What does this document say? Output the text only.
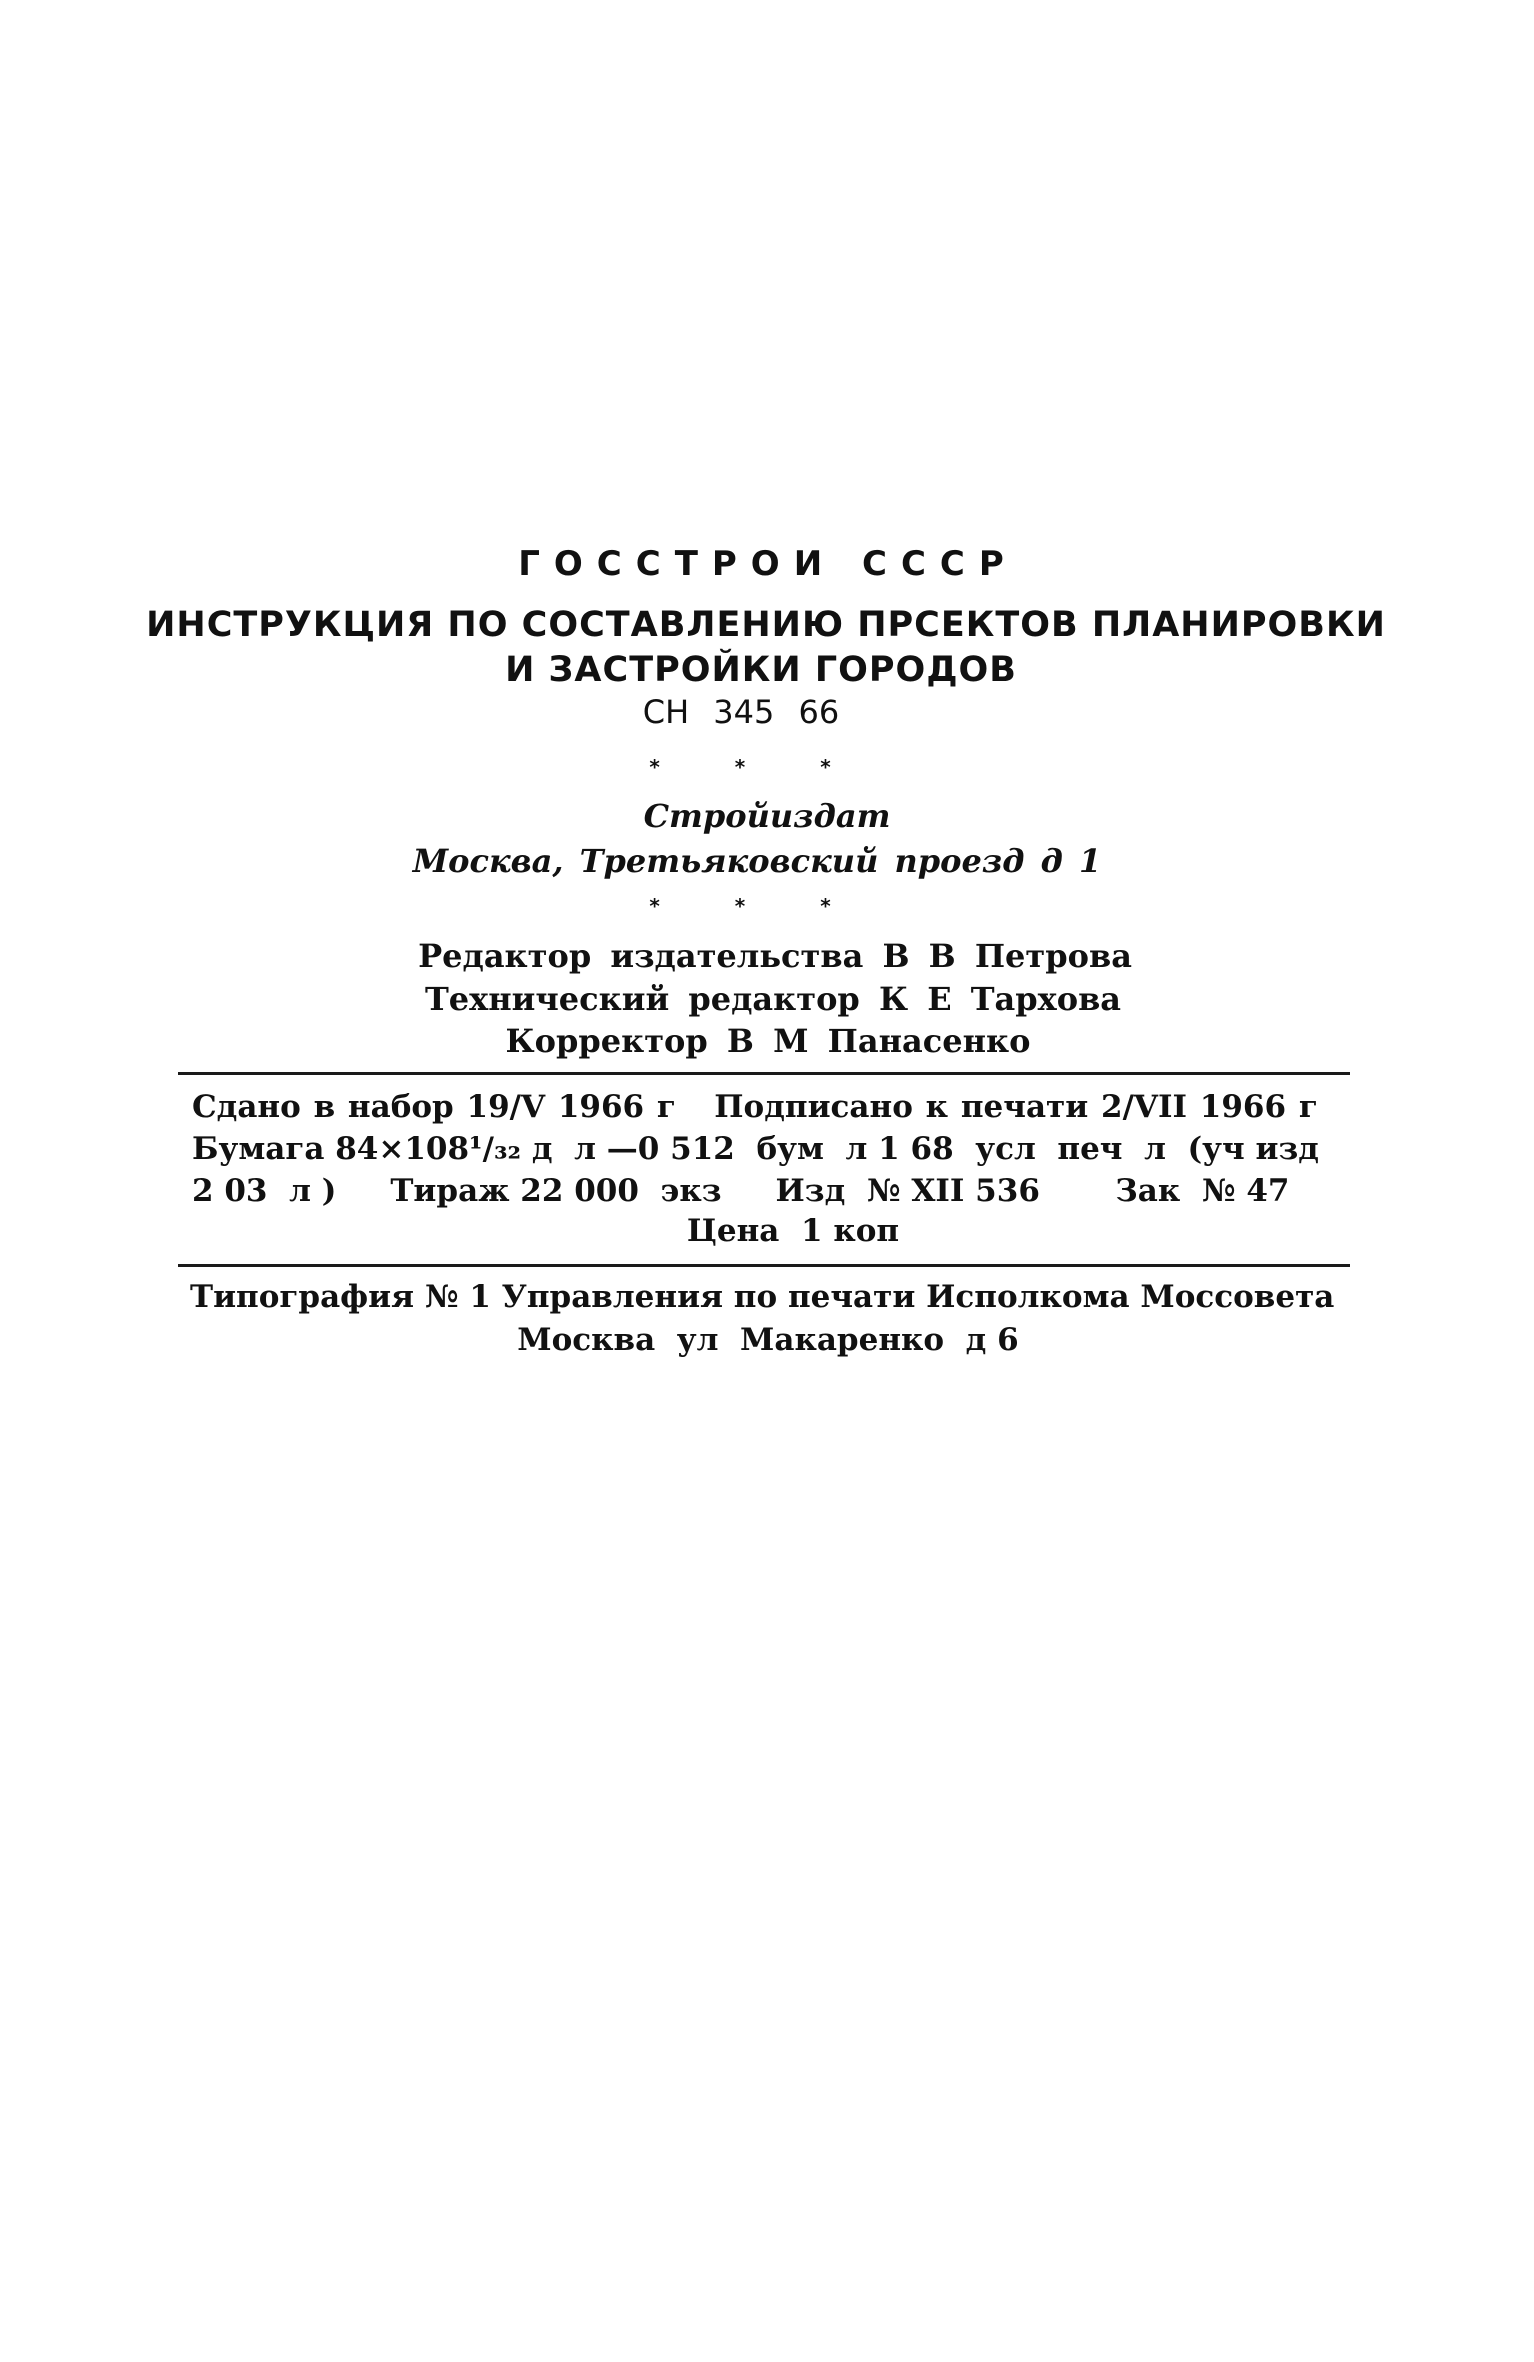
ГОССТРОИ СССР
ИНСТРУКЦИЯ ПО СОСТАВЛЕНИЮ ПРСЕКТОВ ПЛАНИРОВКИ
И ЗАСТРОЙКИ ГОРОДОВ
СН 345 66
* * *
Стройиздат
Москва, Третьяковский проезд д 1
* * *
Редактор издательства В В Петрова
Технический редактор К Е Тархова
Корректор В М Панасенко
Сдано в набор 19/V 1966 г   Подписано к печати 2/VII 1966 г
Бумага 84×108¹/₃₂ д  л —0 512  бум  л 1 68  усл  печ  л  (уч изд
2 03  л )     Тираж 22 000  экз     Изд  № XII 536       Зак  № 47
Цена  1 коп
Типография № 1 Управления по печати Исполкома Моссовета
Москва  ул  Макаренко  д 6
